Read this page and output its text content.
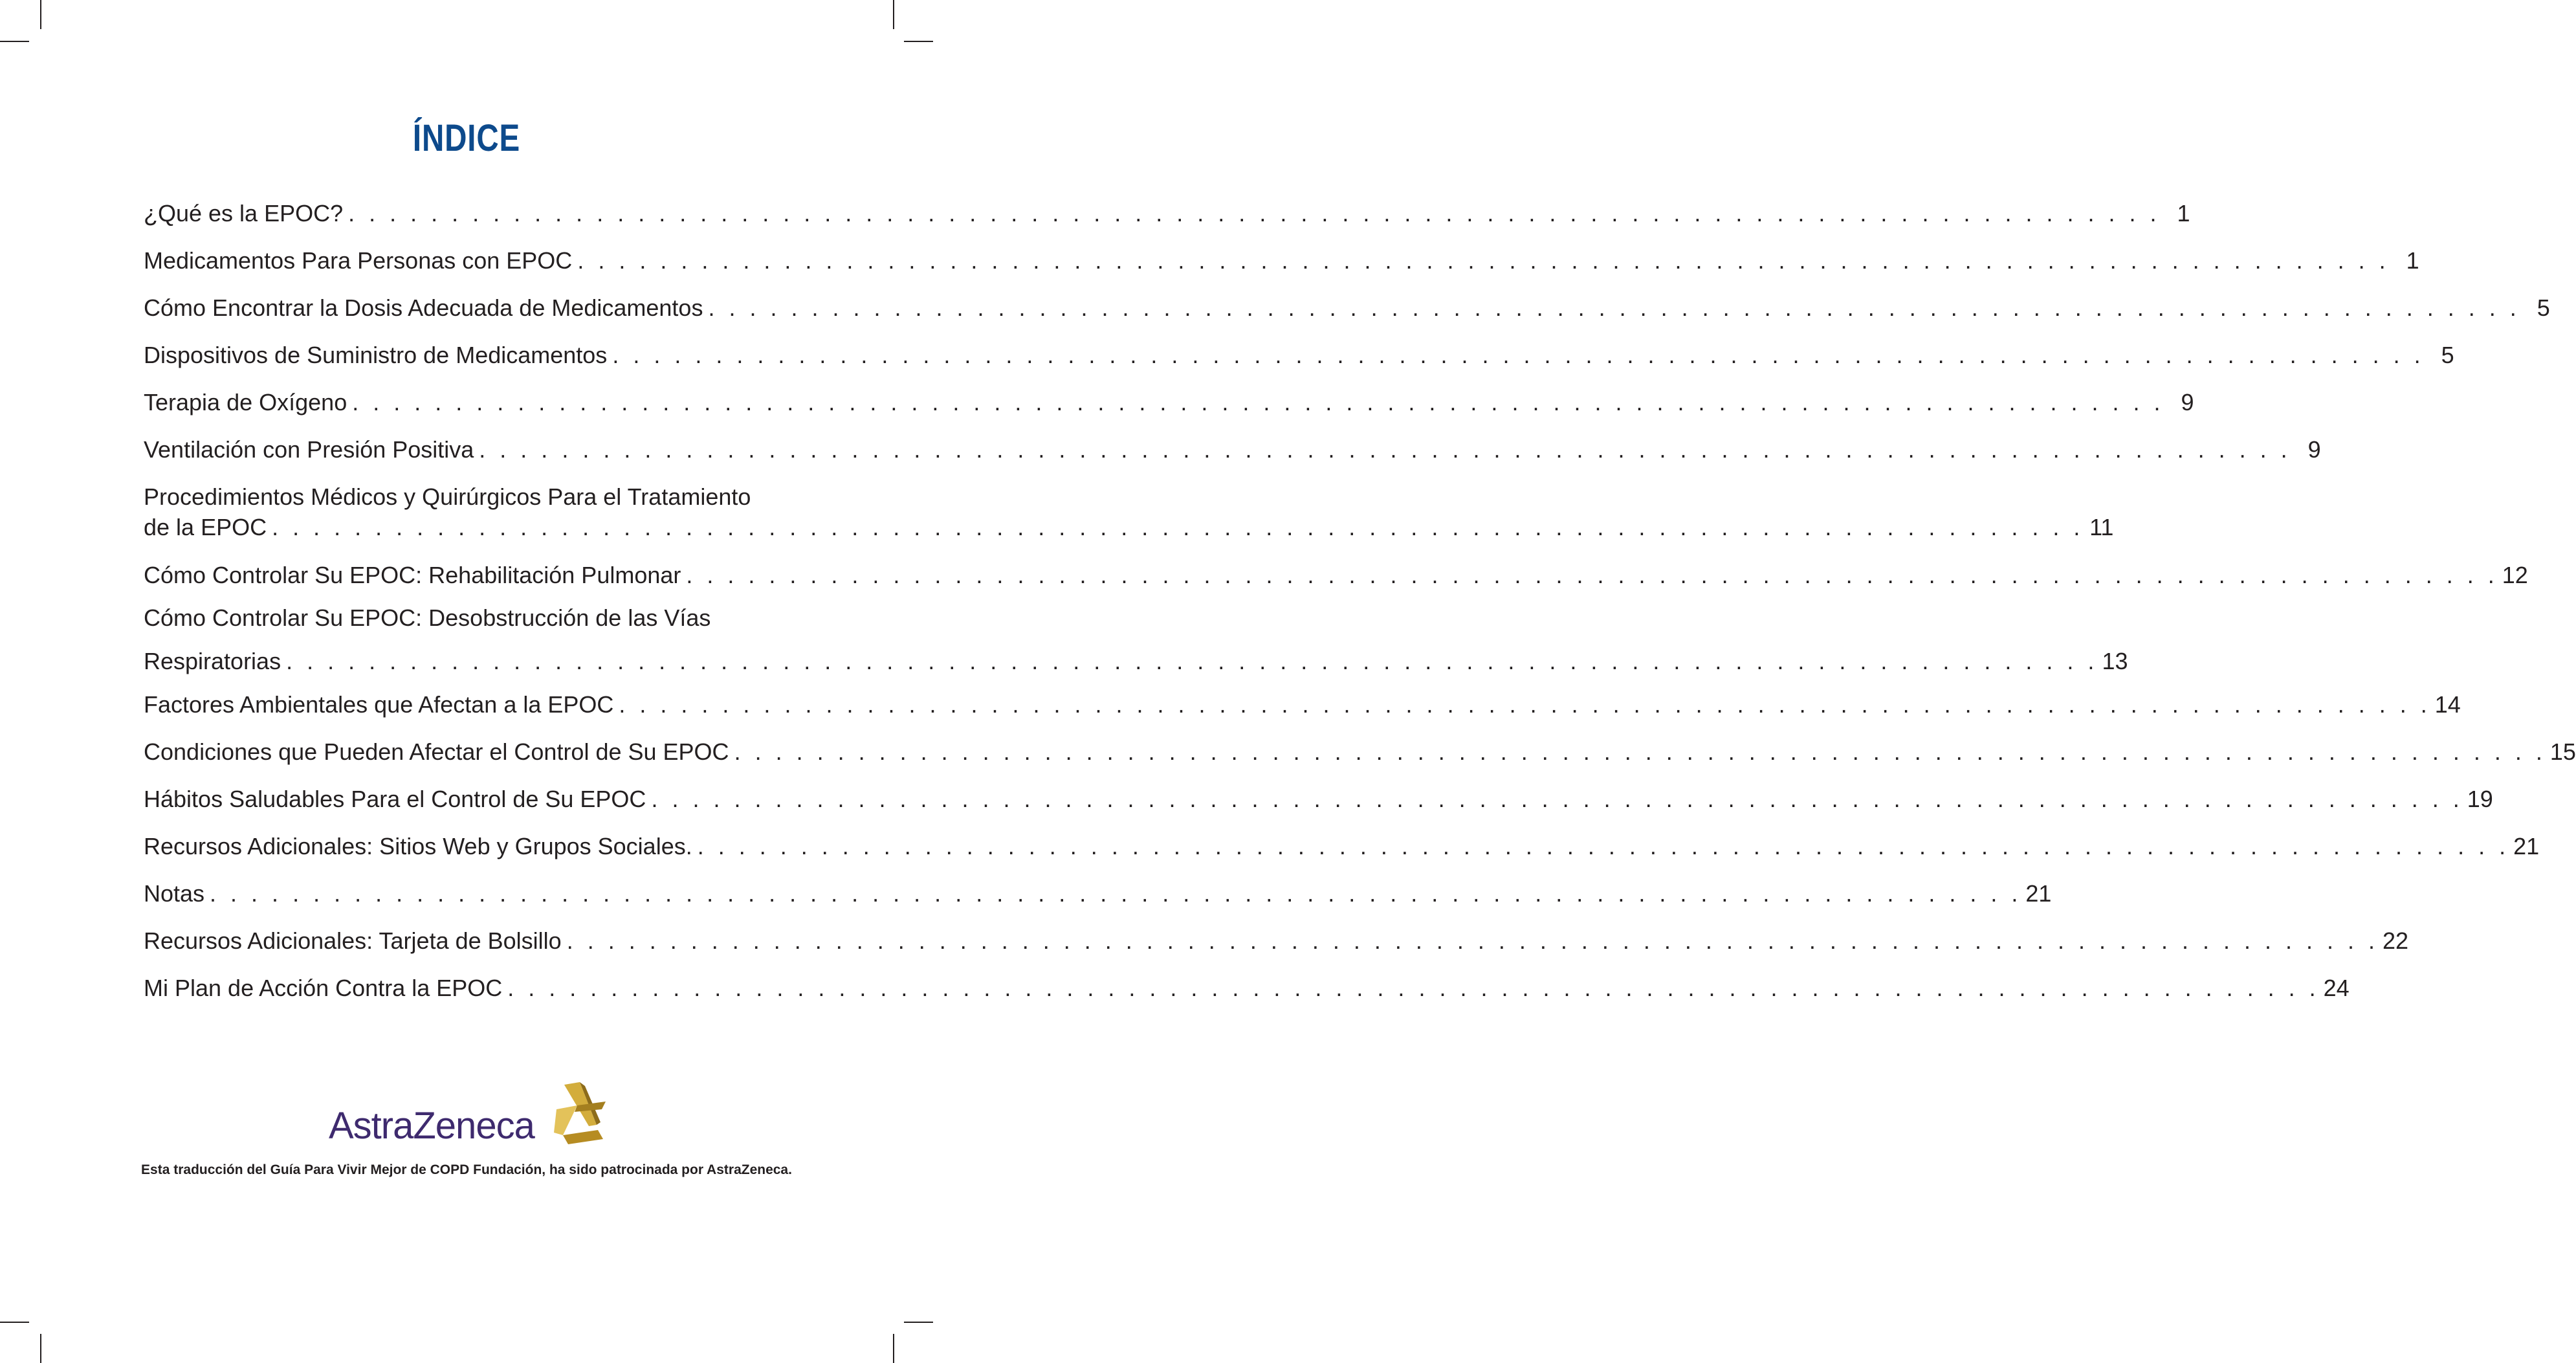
ÍNDICE
¿Qué es la EPOC? . . . . . . . . . . . . . . . . . . . . . . . . . . . . . . . . . . . . . . . . . . . . . . . . . . . . . . . . . . . . . . . . . . . . . . . . . . . . . . . . . . . . . . . . 1
Medicamentos Para Personas con EPOC . . . . . . . . . . . . . . . . . . . . . . . . . . . . . . . . . . . . . . . . . . . . . . . . . . . . . . . . . . . . . . . . . . . . . . . . . . . . . . . . . . . . . . . . 1
Cómo Encontrar la Dosis Adecuada de Medicamentos . . . . . . . . . . . . . . . . . . . . . . . . . . . . . . . . . . . . . . . . . . . . . . . . . . . . . . . . . . . . . . . . . . . . . . . . . . . . . . . . . . . . . . . . 5
Dispositivos de Suministro de Medicamentos . . . . . . . . . . . . . . . . . . . . . . . . . . . . . . . . . . . . . . . . . . . . . . . . . . . . . . . . . . . . . . . . . . . . . . . . . . . . . . . . . . . . . . . . 5
Terapia de Oxígeno . . . . . . . . . . . . . . . . . . . . . . . . . . . . . . . . . . . . . . . . . . . . . . . . . . . . . . . . . . . . . . . . . . . . . . . . . . . . . . . . . . . . . . . . 9
Ventilación con Presión Positiva . . . . . . . . . . . . . . . . . . . . . . . . . . . . . . . . . . . . . . . . . . . . . . . . . . . . . . . . . . . . . . . . . . . . . . . . . . . . . . . . . . . . . . . . 9
Procedimientos Médicos y Quirúrgicos Para el Tratamiento
de la EPOC . . . . . . . . . . . . . . . . . . . . . . . . . . . . . . . . . . . . . . . . . . . . . . . . . . . . . . . . . . . . . . . . . . . . . . . . . . . . . . . . . . . . . . . . 11
Cómo Controlar Su EPOC: Rehabilitación Pulmonar . . . . . . . . . . . . . . . . . . . . . . . . . . . . . . . . . . . . . . . . . . . . . . . . . . . . . . . . . . . . . . . . . . . . . . . . . . . . . . . . . . . . . . . . 12
Cómo Controlar Su EPOC: Desobstrucción de las Vías
Respiratorias . . . . . . . . . . . . . . . . . . . . . . . . . . . . . . . . . . . . . . . . . . . . . . . . . . . . . . . . . . . . . . . . . . . . . . . . . . . . . . . . . . . . . . . . 13
Factores Ambientales que Afectan a la EPOC . . . . . . . . . . . . . . . . . . . . . . . . . . . . . . . . . . . . . . . . . . . . . . . . . . . . . . . . . . . . . . . . . . . . . . . . . . . . . . . . . . . . . . . . 14
Condiciones que Pueden Afectar el Control de Su EPOC . . . . . . . . . . . . . . . . . . . . . . . . . . . . . . . . . . . . . . . . . . . . . . . . . . . . . . . . . . . . . . . . . . . . . . . . . . . . . . . . . . . . . . . . 15
Hábitos Saludables Para el Control de Su EPOC . . . . . . . . . . . . . . . . . . . . . . . . . . . . . . . . . . . . . . . . . . . . . . . . . . . . . . . . . . . . . . . . . . . . . . . . . . . . . . . . . . . . . . . . 19
Recursos Adicionales: Sitios Web y Grupos Sociales. . . . . . . . . . . . . . . . . . . . . . . . . . . . . . . . . . . . . . . . . . . . . . . . . . . . . . . . . . . . . . . . . . . . . . . . . . . . . . . . . . . . . . . . . 21
Notas . . . . . . . . . . . . . . . . . . . . . . . . . . . . . . . . . . . . . . . . . . . . . . . . . . . . . . . . . . . . . . . . . . . . . . . . . . . . . . . . . . . . . . . . 21
Recursos Adicionales: Tarjeta de Bolsillo . . . . . . . . . . . . . . . . . . . . . . . . . . . . . . . . . . . . . . . . . . . . . . . . . . . . . . . . . . . . . . . . . . . . . . . . . . . . . . . . . . . . . . . . 22
Mi Plan de Acción Contra la EPOC . . . . . . . . . . . . . . . . . . . . . . . . . . . . . . . . . . . . . . . . . . . . . . . . . . . . . . . . . . . . . . . . . . . . . . . . . . . . . . . . . . . . . . . . 24
AstraZeneca
Esta traducción del Guía Para Vivir Mejor de COPD Fundación, ha sido patrocinada por AstraZeneca.
